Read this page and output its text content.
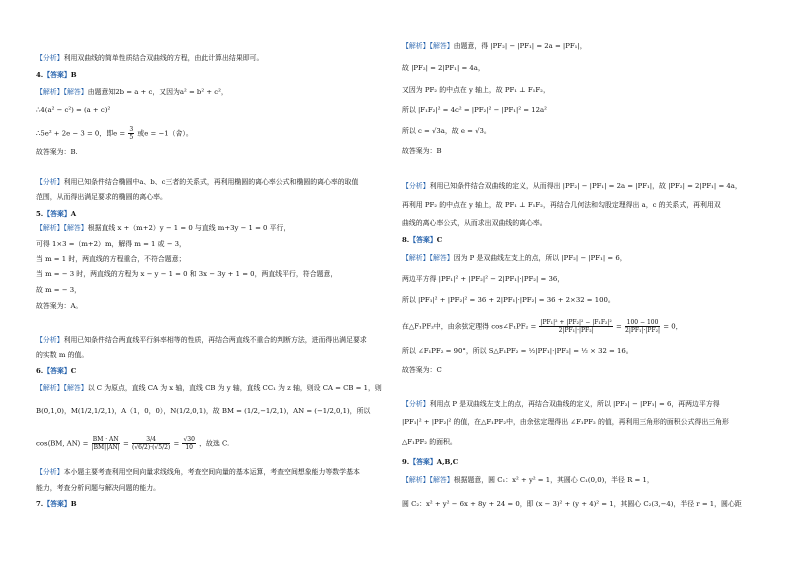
【分析】利用双曲线的简单性质结合双曲线的方程，由此计算出结果即可。
4.【答案】B
【解析】【解答】由题意知2b = a + c，又因为a² = b² + c²，
∴4(a² − c²) = (a + c)²
∴5e² + 2e − 3 = 0，即$e = \frac{3}{5}$ 或e = −1（舍）。
故答案为：B.
【分析】利用已知条件结合椭圆中a、b、c三者的关系式，再利用椭圆的离心率公式和椭圆的离心率的取值
范围，从而得出满足要求的椭圆的离心率。
5.【答案】A
【解析】【解答】根据直线 x +（m+2）y − 1 = 0 与直线 m+3y − 1 = 0 平行，
可得 1×3 =（m+2）m，解得 m = 1 或 − 3，
当 m = 1 时，两直线的方程重合，不符合题意；
当 m = − 3 时，两直线的方程为 x − y − 1 = 0 和 3x − 3y + 1 = 0，两直线平行，符合题意，
故 m = − 3，
故答案为：A。
【分析】利用已知条件结合两直线平行斜率相等的性质，再结合两直线不重合的判断方法，进而得出满足要求
的实数 m 的值。
6.【答案】C
【解析】【解答】以 C 为原点，直线 CA 为 x 轴，直线 CB 为 y 轴，直线 CC₁ 为 z 轴，则设 CA = CB = 1，则
B(0,1,0)，M(1/2,1/2,1)，A（1，0，0），N(1/2,0,1)，故 BM = (1/2,−1/2,1)，AN = (−1/2,0,1)，所以
cos⟨BM, AN⟩ = $\frac{BM \cdot AN}{|BM||AN|} = \frac{3/4}{(√6/2)\cdot(√5/2)} = \frac{√30}{10}$ ，故选 C.
【分析】本小题主要考查利用空间向量求线线角，考查空间向量的基本运算，考查空间想象能力等数学基本
能力，考查分析问题与解决问题的能力。
7.【答案】B
【解析】【解答】由题意，得 |PF₂| − |PF₁| = 2a = |PF₁|，
故 |PF₂| = 2|PF₁| = 4a，
又因为 PF₂ 的中点在 y 轴上，故 PF₁ ⊥ F₁F₂，
所以 |F₁F₂|² = 4c² = |PF₂|² − |PF₁|² = 12a²
所以 c = √3a，故 e = √3。
故答案为：B
【分析】利用已知条件结合双曲线的定义，从而得出 |PF₂| − |PF₁| = 2a = |PF₁|，故 |PF₂| = 2|PF₁| = 4a，
再利用 PF₂ 的中点在 y 轴上，故 PF₁ ⊥ F₁F₂，再结合几何法和勾股定理得出 a，c 的关系式，再利用双
曲线的离心率公式，从而求出双曲线的离心率。
8.【答案】C
【解析】【解答】因为 P 是双曲线左支上的点，所以 |PF₂| − |PF₁| = 6，
两边平方得 |PF₁|² + |PF₂|² − 2|PF₁|·|PF₂| = 36，
所以 |PF₁|² + |PF₂|² = 36 + 2|PF₁|·|PF₂| = 36 + 2×32 = 100。
在△F₁PF₂中，由余弦定理得 cos∠F₁PF₂ = $\frac{\text{|PF₁|² + |PF₂|² − |F₁F₂|²}}{\text{2|PF₁|·|PF₂|}} = \frac{100 - 100}{\text{2|PF₁|·|PF₂|}} = 0$，
所以 ∠F₁PF₂ = 90°，所以 S△F₁PF₂ = ½|PF₁|·|PF₂| = ½ × 32 = 16。
故答案为：C
【分析】利用点 P 是双曲线左支上的点，再结合双曲线的定义，所以 |PF₂| − |PF₁| = 6，再两边平方得
|PF₁|² + |PF₂|² 的值，在△F₁PF₂中，由余弦定理得出 ∠F₁PF₂ 的值，再利用三角形的面积公式得出三角形
△F₁PF₂ 的面积。
9.【答案】A,B,C
【解析】【解答】根据题意，圆 C₁：x² + y² = 1，其圆心 C₁(0,0)，半径 R = 1，
圆 C₂：x² + y² − 6x + 8y + 24 = 0，即 (x − 3)² + (y + 4)² = 1，其圆心 C₂(3,−4)，半径 r = 1，圆心距
